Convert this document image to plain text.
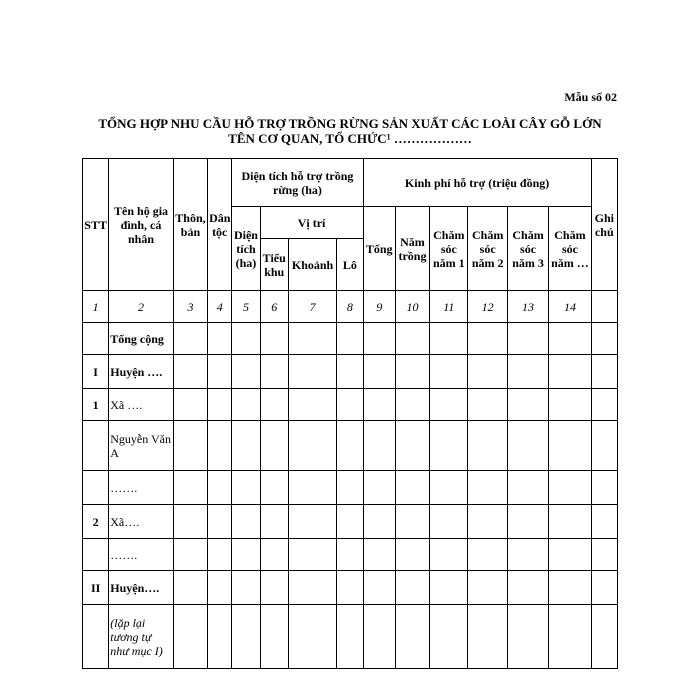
Mẫu số 02
TỔNG HỢP NHU CẦU HỖ TRỢ TRỒNG RỪNG SẢN XUẤT CÁC LOÀI CÂY GỖ LỚN
TÊN CƠ QUAN, TỔ CHỨC¹ ………………
STT	Tên hộ gia đình, cá nhân	Thôn, bản	Dân tộc	Diện tích hỗ trợ trồng rừng (ha)				Kinh phí hỗ trợ (triệu đồng)						Ghi chú
				Diện tích (ha)	Vị trí			Tổng	Năm trồng	Chăm sóc năm 1	Chăm sóc năm 2	Chăm sóc năm 3	Chăm sóc năm …	
					Tiểu khu	Khoảnh	Lô							
1	2	3	4	5	6	7	8	9	10	11	12	13	14	
	Tổng cộng													
I	Huyện ….													
1	Xã ….													
	Nguyễn Văn A													
	…….													
2	Xã….													
	…….													
II	Huyện….													
	(lặp lại tương tự như mục I)													
